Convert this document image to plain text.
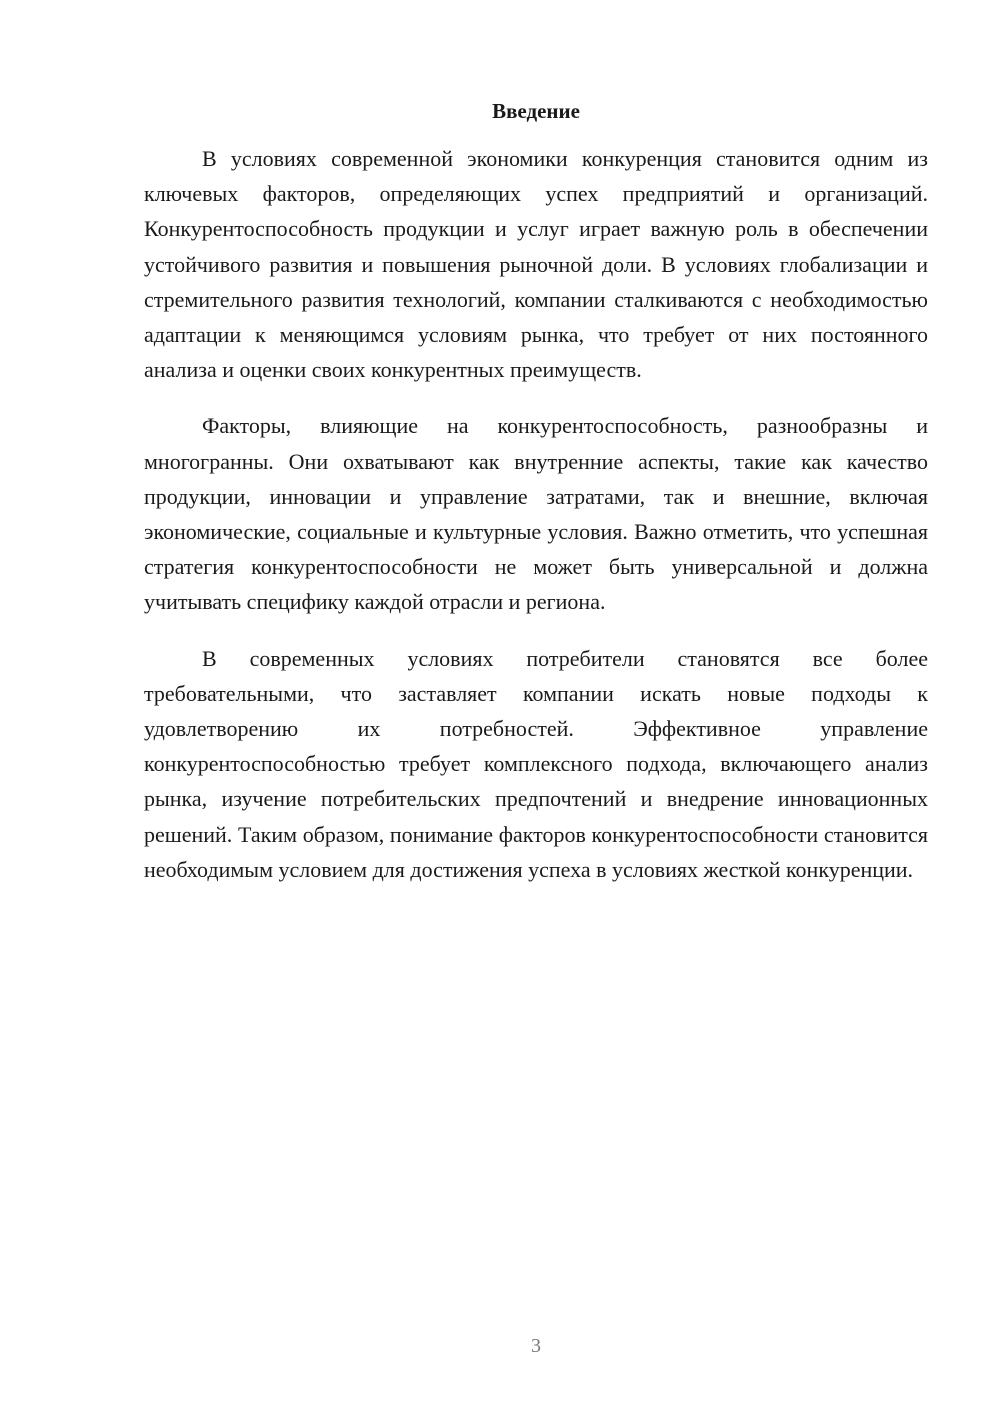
Введение

В условиях современной экономики конкуренция становится одним из ключевых факторов, определяющих успех предприятий и организаций. Конкурентоспособность продукции и услуг играет важную роль в обеспечении устойчивого развития и повышения рыночной доли. В условиях глобализации и стремительного развития технологий, компании сталкиваются с необходимостью адаптации к меняющимся условиям рынка, что требует от них постоянного анализа и оценки своих конкурентных преимуществ.

Факторы, влияющие на конкурентоспособность, разнообразны и многогранны. Они охватывают как внутренние аспекты, такие как качество продукции, инновации и управление затратами, так и внешние, включая экономические, социальные и культурные условия. Важно отметить, что успешная стратегия конкурентоспособности не может быть универсальной и должна учитывать специфику каждой отрасли и региона.

В современных условиях потребители становятся все более требовательными, что заставляет компании искать новые подходы к удовлетворению их потребностей. Эффективное управление конкурентоспособностью требует комплексного подхода, включающего анализ рынка, изучение потребительских предпочтений и внедрение инновационных решений. Таким образом, понимание факторов конкурентоспособности становится необходимым условием для достижения успеха в условиях жесткой конкуренции.

3
